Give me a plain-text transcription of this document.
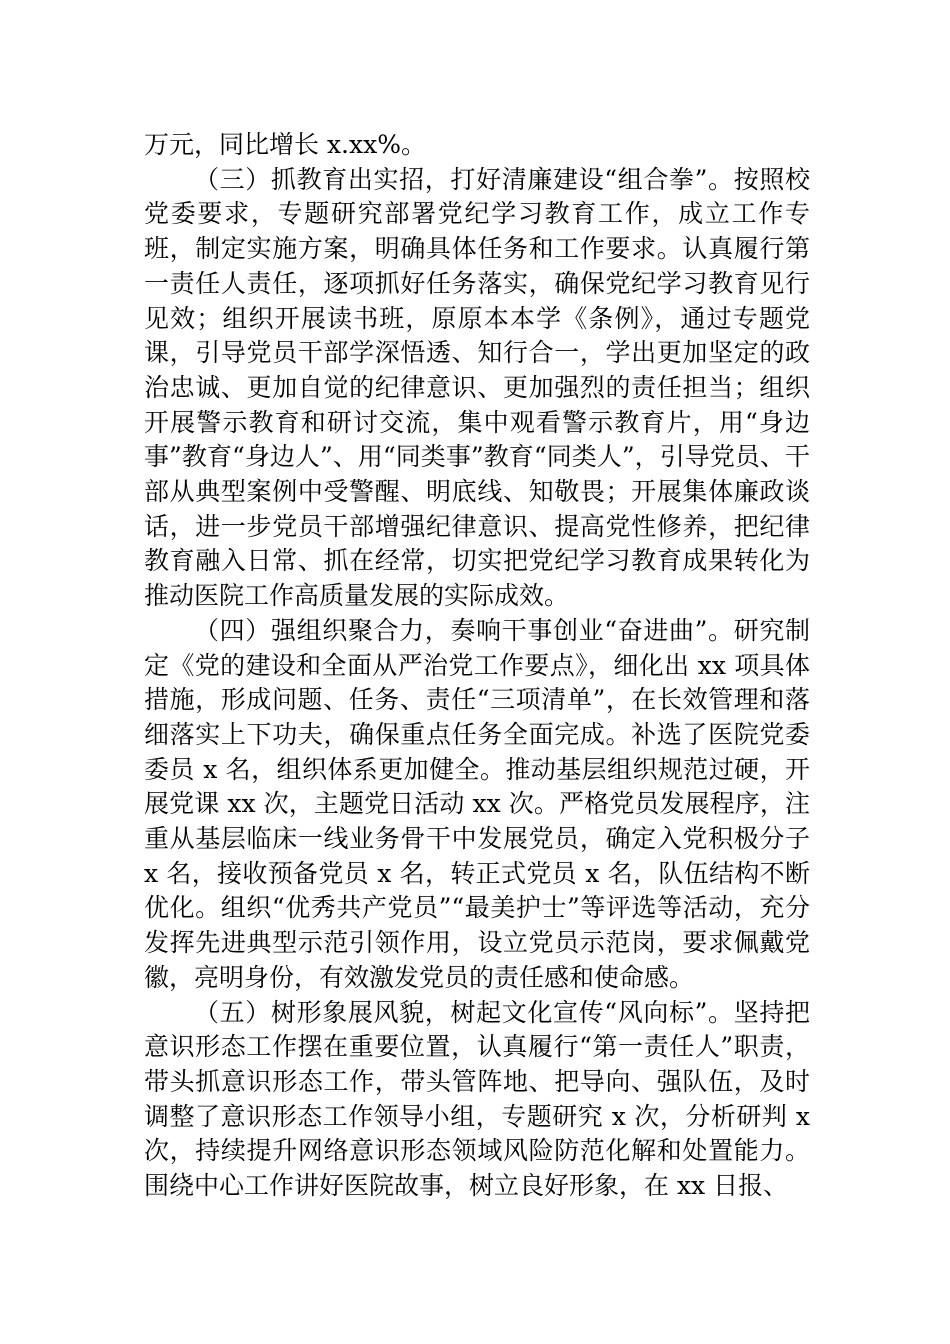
万元，同比增长 x.xx%。

（三）抓教育出实招，打好清廉建设“组合拳”。按照校党委要求，专题研究部署党纪学习教育工作，成立工作专班，制定实施方案，明确具体任务和工作要求。认真履行第一责任人责任，逐项抓好任务落实，确保党纪学习教育见行见效；组织开展读书班，原原本本学《条例》，通过专题党课，引导党员干部学深悟透、知行合一，学出更加坚定的政治忠诚、更加自觉的纪律意识、更加强烈的责任担当；组织开展警示教育和研讨交流，集中观看警示教育片，用“身边事”教育“身边人”、用“同类事”教育“同类人”，引导党员、干部从典型案例中受警醒、明底线、知敬畏；开展集体廉政谈话，进一步党员干部增强纪律意识、提高党性修养，把纪律教育融入日常、抓在经常，切实把党纪学习教育成果转化为推动医院工作高质量发展的实际成效。

（四）强组织聚合力，奏响干事创业“奋进曲”。研究制定《党的建设和全面从严治党工作要点》，细化出 xx 项具体措施，形成问题、任务、责任“三项清单”，在长效管理和落细落实上下功夫，确保重点任务全面完成。补选了医院党委委员 x 名，组织体系更加健全。推动基层组织规范过硬，开展党课 xx 次，主题党日活动 xx 次。严格党员发展程序，注重从基层临床一线业务骨干中发展党员，确定入党积极分子 x 名，接收预备党员 x 名，转正式党员 x 名，队伍结构不断优化。组织“优秀共产党员”“最美护士”等评选等活动，充分发挥先进典型示范引领作用，设立党员示范岗，要求佩戴党徽，亮明身份，有效激发党员的责任感和使命感。

（五）树形象展风貌，树起文化宣传“风向标”。坚持把意识形态工作摆在重要位置，认真履行“第一责任人”职责，带头抓意识形态工作，带头管阵地、把导向、强队伍，及时调整了意识形态工作领导小组，专题研究 x 次，分析研判 x 次，持续提升网络意识形态领域风险防范化解和处置能力。围绕中心工作讲好医院故事，树立良好形象，在 xx 日报、
